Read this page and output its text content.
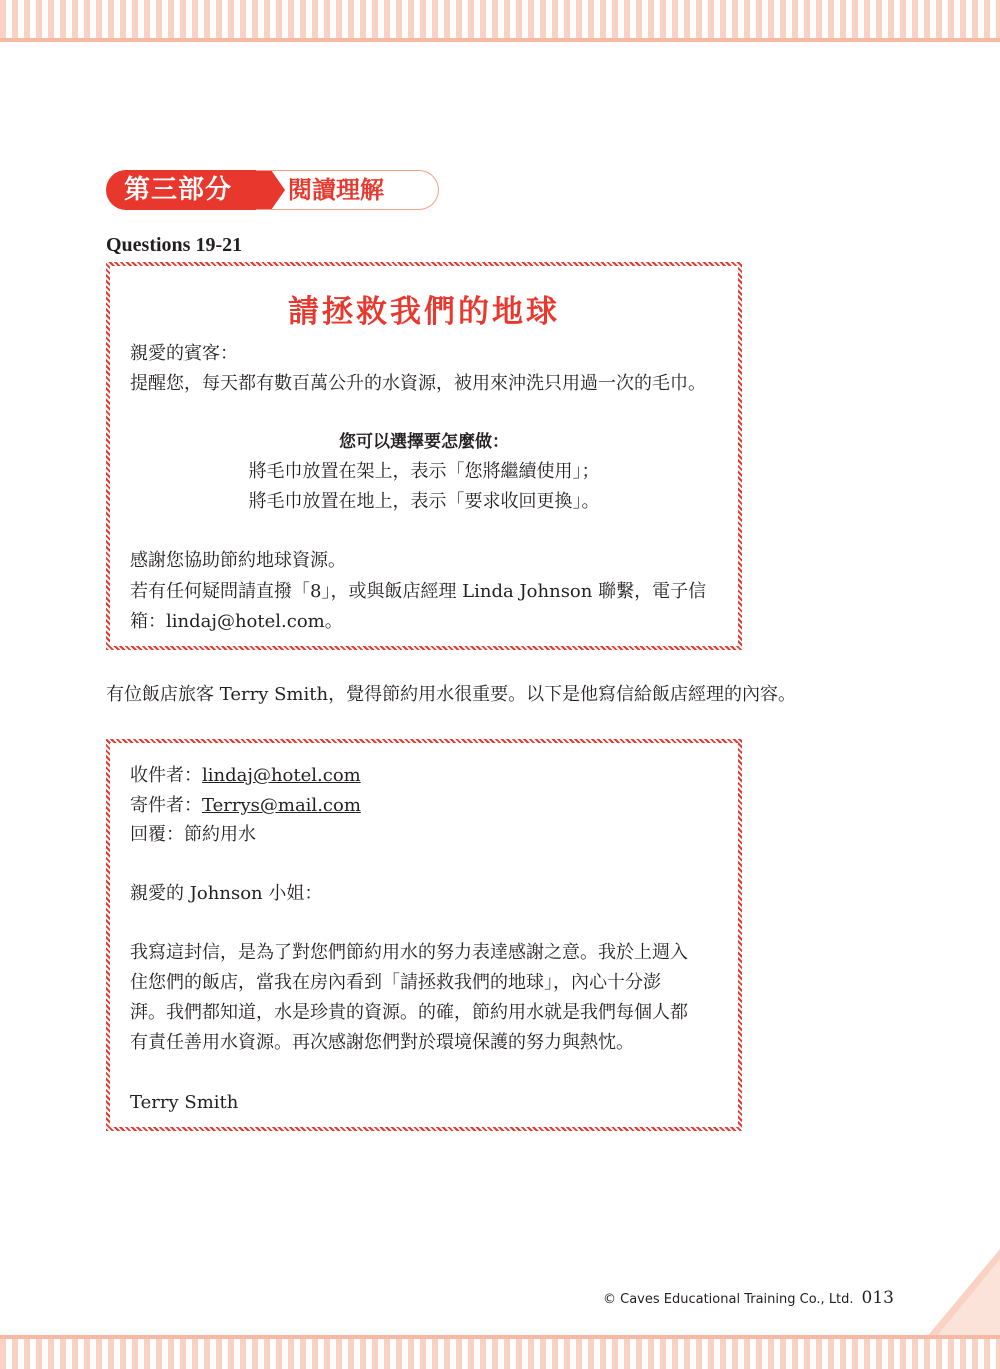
第三部分	閱讀理解
Questions 19-21
請拯救我們的地球
親愛的賓客：
提醒您，每天都有數百萬公升的水資源，被用來沖洗只用過一次的毛巾。
您可以選擇要怎麼做：
將毛巾放置在架上，表示「您將繼續使用」；
將毛巾放置在地上，表示「要求收回更換」。
感謝您協助節約地球資源。
若有任何疑問請直撥「8」，或與飯店經理 Linda Johnson 聯繫，電子信
箱：lindaj@hotel.com。
有位飯店旅客 Terry Smith，覺得節約用水很重要。以下是他寫信給飯店經理的內容。
收件者：lindaj@hotel.com
寄件者：Terrys@mail.com
回覆：節約用水
親愛的 Johnson 小姐：
我寫這封信，是為了對您們節約用水的努力表達感謝之意。我於上週入
住您們的飯店，當我在房內看到「請拯救我們的地球」，內心十分澎
湃。我們都知道，水是珍貴的資源。的確，節約用水就是我們每個人都
有責任善用水資源。再次感謝您們對於環境保護的努力與熱忱。
Terry Smith
© Caves Educational Training Co., Ltd. 013
